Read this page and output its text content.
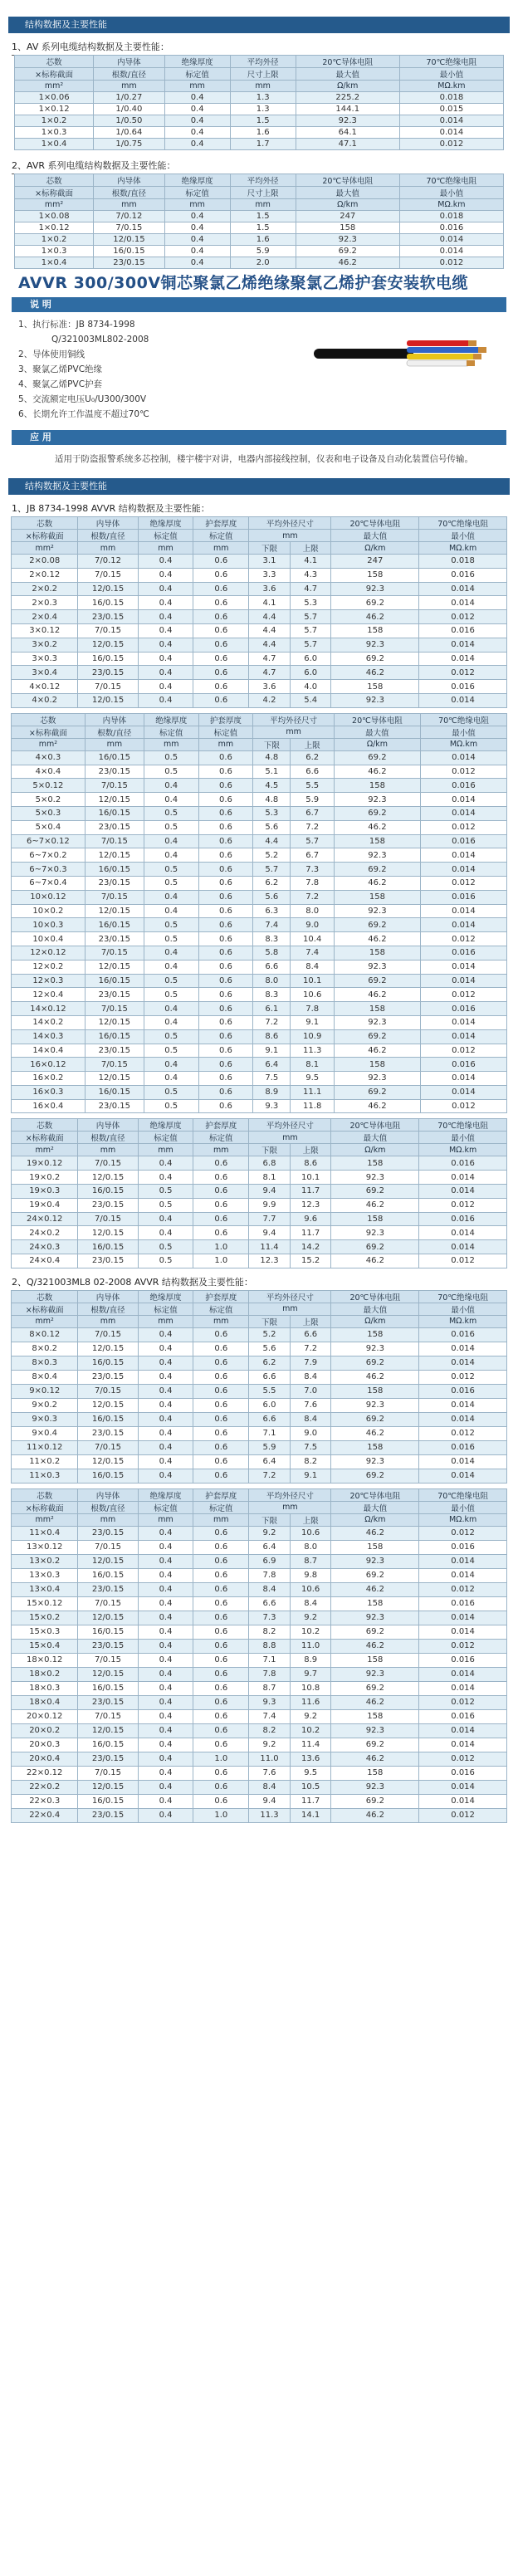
结构数据及主要性能
1、AV 系列电缆结构数据及主要性能：
芯数	内导体	绝缘厚度	平均外径	20℃导体电阻	70℃绝缘电阻
×标称截面	根数/直径	标定值	尺寸上限	最大值	最小值
mm²	mm	mm	mm	Ω/km	MΩ.km
1×0.06	1/0.27	0.4	1.3	225.2	0.018
1×0.12	1/0.40	0.4	1.3	144.1	0.015
1×0.2	1/0.50	0.4	1.5	92.3	0.014
1×0.3	1/0.64	0.4	1.6	64.1	0.014
1×0.4	1/0.75	0.4	1.7	47.1	0.012
2、AVR 系列电缆结构数据及主要性能：
芯数	内导体	绝缘厚度	平均外径	20℃导体电阻	70℃绝缘电阻
×标称截面	根数/直径	标定值	尺寸上限	最大值	最小值
mm²	mm	mm	mm	Ω/km	MΩ.km
1×0.08	7/0.12	0.4	1.5	247	0.018
1×0.12	7/0.15	0.4	1.5	158	0.016
1×0.2	12/0.15	0.4	1.6	92.3	0.014
1×0.3	16/0.15	0.4	5.9	69.2	0.014
1×0.4	23/0.15	0.4	2.0	46.2	0.012
AVVR 300/300V铜芯聚氯乙烯绝缘聚氯乙烯护套安装软电缆
说 明
1、执行标准：JB 8734-1998
Q/321003ML802-2008
2、导体使用铜线
3、聚氯乙烯PVC绝缘
4、聚氯乙烯PVC护套
5、交流额定电压U₀/U300/300V
6、长期允许工作温度不超过70℃
应 用
适用于防盗报警系统多芯控制，楼宇楼宇对讲，电器内部接线控制，仪表和电子设备及自动化装置信号传输。
结构数据及主要性能
1、JB 8734-1998 AVVR 结构数据及主要性能：
芯数	内导体	绝缘厚度	护套厚度	平均外径尺寸		20℃导体电阻	70℃绝缘电阻
×标称截面	根数/直径	标定值	标定值	mm		最大值	最小值
mm²	mm	mm	mm	下限	上限	Ω/km	MΩ.km
2×0.08	7/0.12	0.4	0.6	3.1	4.1	247	0.018
2×0.12	7/0.15	0.4	0.6	3.3	4.3	158	0.016
2×0.2	12/0.15	0.4	0.6	3.6	4.7	92.3	0.014
2×0.3	16/0.15	0.4	0.6	4.1	5.3	69.2	0.014
2×0.4	23/0.15	0.4	0.6	4.4	5.7	46.2	0.012
3×0.12	7/0.15	0.4	0.6	4.4	5.7	158	0.016
3×0.2	12/0.15	0.4	0.6	4.4	5.7	92.3	0.014
3×0.3	16/0.15	0.4	0.6	4.7	6.0	69.2	0.014
3×0.4	23/0.15	0.4	0.6	4.7	6.0	46.2	0.012
4×0.12	7/0.15	0.4	0.6	3.6	4.0	158	0.016
4×0.2	12/0.15	0.4	0.6	4.2	5.4	92.3	0.014
芯数	内导体	绝缘厚度	护套厚度	平均外径尺寸		20℃导体电阻	70℃绝缘电阻
×标称截面	根数/直径	标定值	标定值	mm		最大值	最小值
mm²	mm	mm	mm	下限	上限	Ω/km	MΩ.km
4×0.3	16/0.15	0.5	0.6	4.8	6.2	69.2	0.014
4×0.4	23/0.15	0.5	0.6	5.1	6.6	46.2	0.012
5×0.12	7/0.15	0.4	0.6	4.5	5.5	158	0.016
5×0.2	12/0.15	0.4	0.6	4.8	5.9	92.3	0.014
5×0.3	16/0.15	0.5	0.6	5.3	6.7	69.2	0.014
5×0.4	23/0.15	0.5	0.6	5.6	7.2	46.2	0.012
6~7×0.12	7/0.15	0.4	0.6	4.4	5.7	158	0.016
6~7×0.2	12/0.15	0.4	0.6	5.2	6.7	92.3	0.014
6~7×0.3	16/0.15	0.5	0.6	5.7	7.3	69.2	0.014
6~7×0.4	23/0.15	0.5	0.6	6.2	7.8	46.2	0.012
10×0.12	7/0.15	0.4	0.6	5.6	7.2	158	0.016
10×0.2	12/0.15	0.4	0.6	6.3	8.0	92.3	0.014
10×0.3	16/0.15	0.5	0.6	7.4	9.0	69.2	0.014
10×0.4	23/0.15	0.5	0.6	8.3	10.4	46.2	0.012
12×0.12	7/0.15	0.4	0.6	5.8	7.4	158	0.016
12×0.2	12/0.15	0.4	0.6	6.6	8.4	92.3	0.014
12×0.3	16/0.15	0.5	0.6	8.0	10.1	69.2	0.014
12×0.4	23/0.15	0.5	0.6	8.3	10.6	46.2	0.012
14×0.12	7/0.15	0.4	0.6	6.1	7.8	158	0.016
14×0.2	12/0.15	0.4	0.6	7.2	9.1	92.3	0.014
14×0.3	16/0.15	0.5	0.6	8.6	10.9	69.2	0.014
14×0.4	23/0.15	0.5	0.6	9.1	11.3	46.2	0.012
16×0.12	7/0.15	0.4	0.6	6.4	8.1	158	0.016
16×0.2	12/0.15	0.4	0.6	7.5	9.5	92.3	0.014
16×0.3	16/0.15	0.5	0.6	8.9	11.1	69.2	0.014
16×0.4	23/0.15	0.5	0.6	9.3	11.8	46.2	0.012
芯数	内导体	绝缘厚度	护套厚度	平均外径尺寸		20℃导体电阻	70℃绝缘电阻
×标称截面	根数/直径	标定值	标定值	mm		最大值	最小值
mm²	mm	mm	mm	下限	上限	Ω/km	MΩ.km
19×0.12	7/0.15	0.4	0.6	6.8	8.6	158	0.016
19×0.2	12/0.15	0.4	0.6	8.1	10.1	92.3	0.014
19×0.3	16/0.15	0.5	0.6	9.4	11.7	69.2	0.014
19×0.4	23/0.15	0.5	0.6	9.9	12.3	46.2	0.012
24×0.12	7/0.15	0.4	0.6	7.7	9.6	158	0.016
24×0.2	12/0.15	0.4	0.6	9.4	11.7	92.3	0.014
24×0.3	16/0.15	0.5	1.0	11.4	14.2	69.2	0.014
24×0.4	23/0.15	0.5	1.0	12.3	15.2	46.2	0.012
2、Q/321003ML8 02-2008 AVVR 结构数据及主要性能：
芯数	内导体	绝缘厚度	护套厚度	平均外径尺寸		20℃导体电阻	70℃绝缘电阻
×标称截面	根数/直径	标定值	标定值	mm		最大值	最小值
mm²	mm	mm	mm	下限	上限	Ω/km	MΩ.km
8×0.12	7/0.15	0.4	0.6	5.2	6.6	158	0.016
8×0.2	12/0.15	0.4	0.6	5.6	7.2	92.3	0.014
8×0.3	16/0.15	0.4	0.6	6.2	7.9	69.2	0.014
8×0.4	23/0.15	0.4	0.6	6.6	8.4	46.2	0.012
9×0.12	7/0.15	0.4	0.6	5.5	7.0	158	0.016
9×0.2	12/0.15	0.4	0.6	6.0	7.6	92.3	0.014
9×0.3	16/0.15	0.4	0.6	6.6	8.4	69.2	0.014
9×0.4	23/0.15	0.4	0.6	7.1	9.0	46.2	0.012
11×0.12	7/0.15	0.4	0.6	5.9	7.5	158	0.016
11×0.2	12/0.15	0.4	0.6	6.4	8.2	92.3	0.014
11×0.3	16/0.15	0.4	0.6	7.2	9.1	69.2	0.014
芯数	内导体	绝缘厚度	护套厚度	平均外径尺寸		20℃导体电阻	70℃绝缘电阻
×标称截面	根数/直径	标定值	标定值	mm		最大值	最小值
mm²	mm	mm	mm	下限	上限	Ω/km	MΩ.km
11×0.4	23/0.15	0.4	0.6	9.2	10.6	46.2	0.012
13×0.12	7/0.15	0.4	0.6	6.4	8.0	158	0.016
13×0.2	12/0.15	0.4	0.6	6.9	8.7	92.3	0.014
13×0.3	16/0.15	0.4	0.6	7.8	9.8	69.2	0.014
13×0.4	23/0.15	0.4	0.6	8.4	10.6	46.2	0.012
15×0.12	7/0.15	0.4	0.6	6.6	8.4	158	0.016
15×0.2	12/0.15	0.4	0.6	7.3	9.2	92.3	0.014
15×0.3	16/0.15	0.4	0.6	8.2	10.2	69.2	0.014
15×0.4	23/0.15	0.4	0.6	8.8	11.0	46.2	0.012
18×0.12	7/0.15	0.4	0.6	7.1	8.9	158	0.016
18×0.2	12/0.15	0.4	0.6	7.8	9.7	92.3	0.014
18×0.3	16/0.15	0.4	0.6	8.7	10.8	69.2	0.014
18×0.4	23/0.15	0.4	0.6	9.3	11.6	46.2	0.012
20×0.12	7/0.15	0.4	0.6	7.4	9.2	158	0.016
20×0.2	12/0.15	0.4	0.6	8.2	10.2	92.3	0.014
20×0.3	16/0.15	0.4	0.6	9.2	11.4	69.2	0.014
20×0.4	23/0.15	0.4	1.0	11.0	13.6	46.2	0.012
22×0.12	7/0.15	0.4	0.6	7.6	9.5	158	0.016
22×0.2	12/0.15	0.4	0.6	8.4	10.5	92.3	0.014
22×0.3	16/0.15	0.4	0.6	9.4	11.7	69.2	0.014
22×0.4	23/0.15	0.4	1.0	11.3	14.1	46.2	0.012
